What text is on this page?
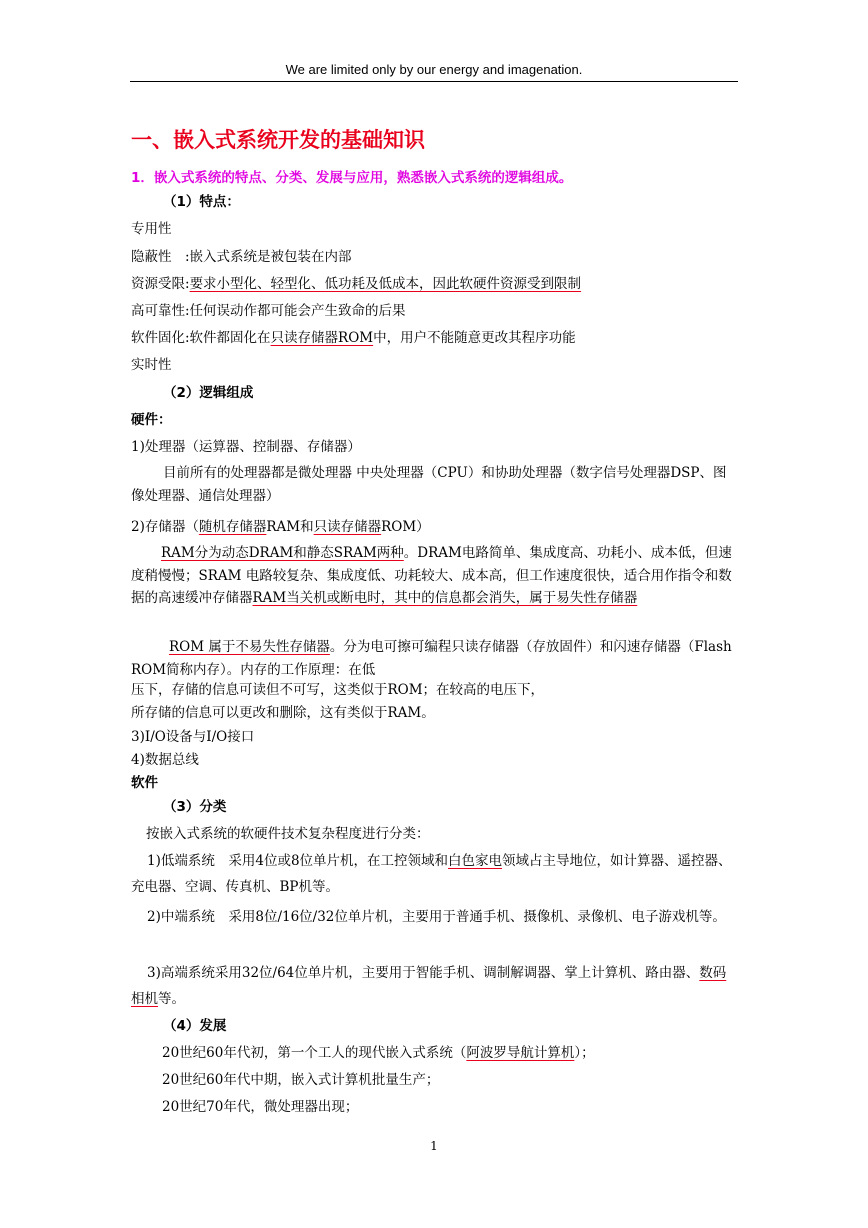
We are limited only by our energy and imagenation.
一、嵌入式系统开发的基础知识
1．嵌入式系统的特点、分类、发展与应用，熟悉嵌入式系统的逻辑组成。
（1）特点：
专用性
隐蔽性　:嵌入式系统是被包装在内部
资源受限:要求小型化、轻型化、低功耗及低成本，因此软硬件资源受到限制
高可靠性:任何误动作都可能会产生致命的后果
软件固化:软件都固化在只读存储器ROM中，用户不能随意更改其程序功能
实时性
（2）逻辑组成
硬件：
1)处理器（运算器、控制器、存储器）
目前所有的处理器都是微处理器 中央处理器（CPU）和协助处理器（数字信号处理器DSP、图像处理器、通信处理器）
2)存储器（随机存储器RAM和只读存储器ROM）
RAM分为动态DRAM和静态SRAM两种。DRAM电路简单、集成度高、功耗小、成本低，但速度稍慢慢；SRAM 电路较复杂、集成度低、功耗较大、成本高，但工作速度很快，适合用作指令和数据的高速缓冲存储器RAM当关机或断电时，其中的信息都会消失，属于易失性存储器
ROM 属于不易失性存储器。分为电可擦可编程只读存储器（存放固件）和闪速存储器（Flash ROM简称内存）。内存的工作原理：在低
压下，存储的信息可读但不可写，这类似于ROM；在较高的电压下，
所存储的信息可以更改和删除，这有类似于RAM。
3)I/O设备与I/O接口
4)数据总线
软件
（3）分类
按嵌入式系统的软硬件技术复杂程度进行分类：
1)低端系统　采用4位或8位单片机，在工控领域和白色家电领域占主导地位，如计算器、遥控器、充电器、空调、传真机、BP机等。
2)中端系统　采用8位/16位/32位单片机，主要用于普通手机、摄像机、录像机、电子游戏机等。
3)高端系统采用32位/64位单片机，主要用于智能手机、调制解调器、掌上计算机、路由器、数码相机等。
（4）发展
20世纪60年代初，第一个工人的现代嵌入式系统（阿波罗导航计算机）；
20世纪60年代中期，嵌入式计算机批量生产；
20世纪70年代，微处理器出现；
1
